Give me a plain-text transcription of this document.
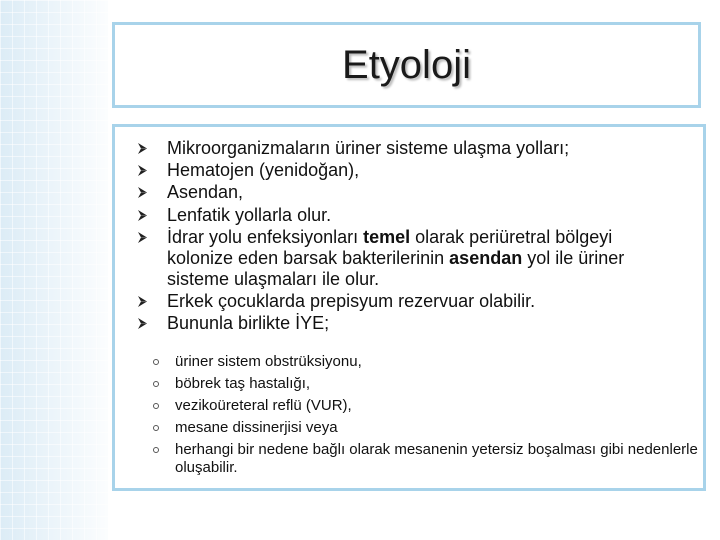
Etyoloji
Mikroorganizmaların üriner sisteme ulaşma yolları;
Hematojen (yenidoğan),
Asendan,
Lenfatik yollarla olur.
İdrar yolu enfeksiyonları temel olarak periüretral bölgeyi kolonize eden barsak bakterilerinin asendan yol ile üriner sisteme ulaşmaları ile olur.
Erkek çocuklarda prepisyum rezervuar olabilir.
Bununla birlikte İYE;
üriner sistem obstrüksiyonu,
böbrek taş hastalığı,
vezikoüreteral reflü (VUR),
mesane dissinerjisi veya
herhangi bir nedene bağlı olarak mesanenin yetersiz boşalması gibi nedenlerle oluşabilir.
